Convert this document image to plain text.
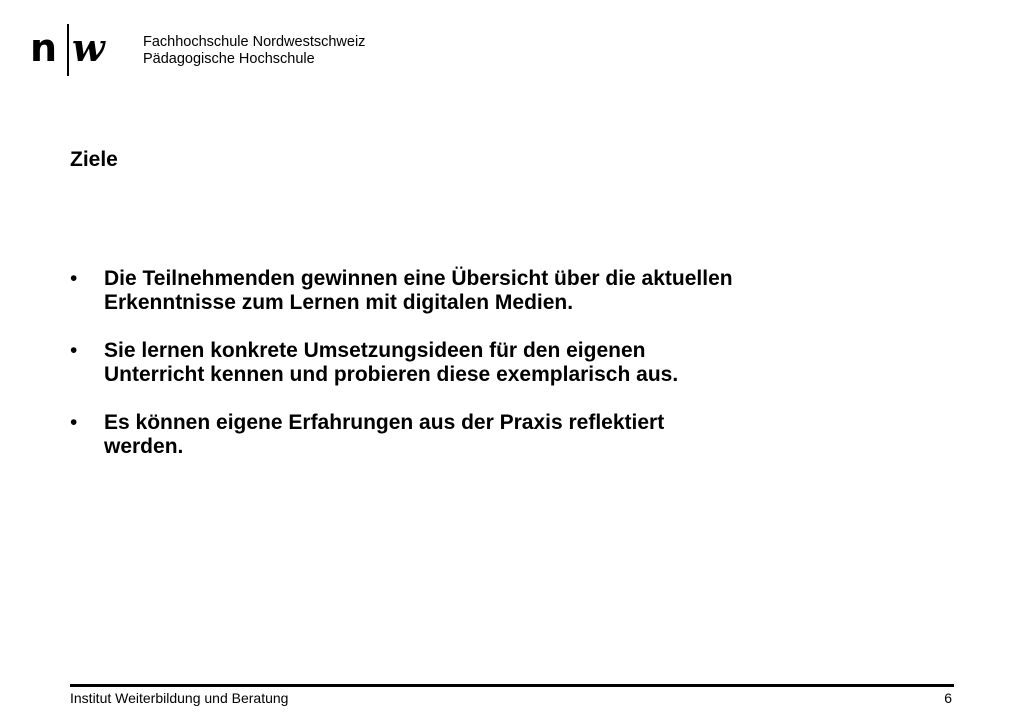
n w	Fachhochschule Nordwestschweiz
Pädagogische Hochschule
Ziele
• Die Teilnehmenden gewinnen eine Übersicht über die aktuellen
Erkenntnisse zum Lernen mit digitalen Medien.
• Sie lernen konkrete Umsetzungsideen für den eigenen
Unterricht kennen und probieren diese exemplarisch aus.
• Es können eigene Erfahrungen aus der Praxis reflektiert
werden.
Institut Weiterbildung und Beratung	6
